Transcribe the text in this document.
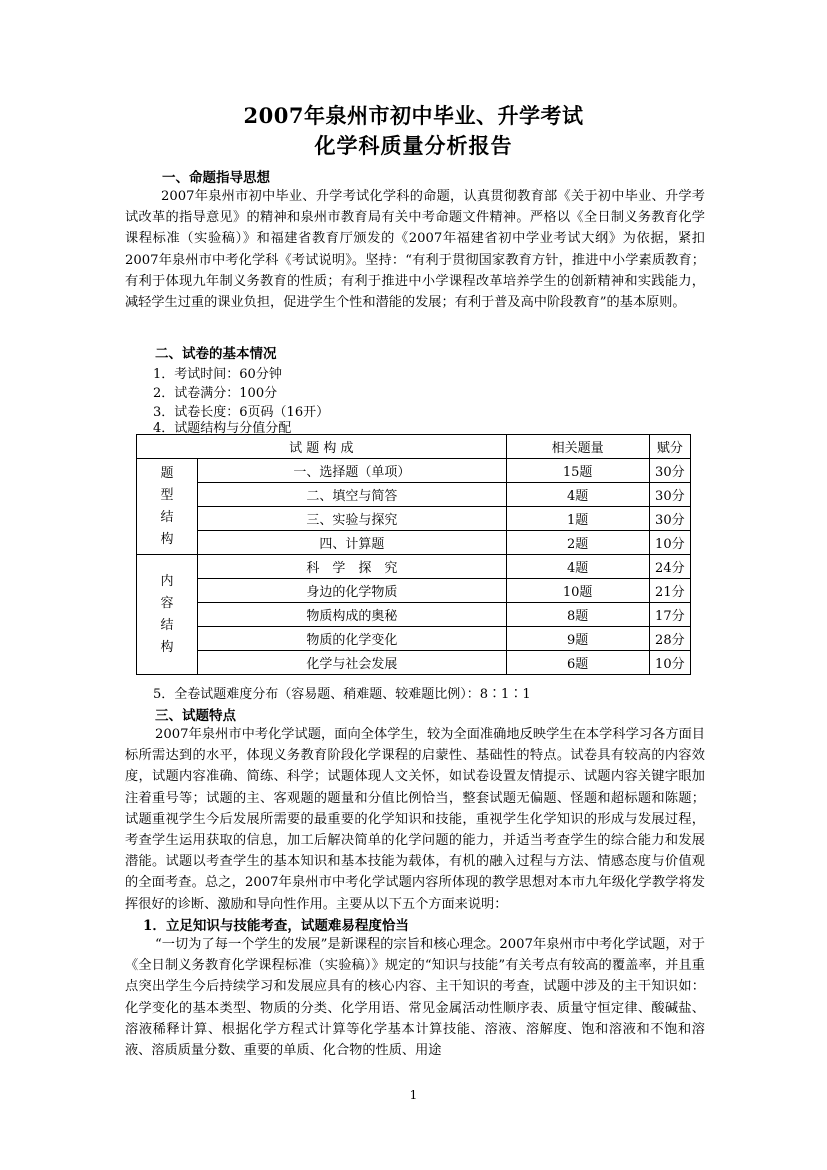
2007年泉州市初中毕业、升学考试
化学科质量分析报告
一、命题指导思想
2007年泉州市初中毕业、升学考试化学科的命题，认真贯彻教育部《关于初中毕业、升学考试改革的指导意见》的精神和泉州市教育局有关中考命题文件精神。严格以《全日制义务教育化学课程标准（实验稿）》和福建省教育厅颁发的《2007年福建省初中学业考试大纲》为依据，紧扣2007年泉州市中考化学科《考试说明》。坚持：“有利于贯彻国家教育方针，推进中小学素质教育；有利于体现九年制义务教育的性质；有利于推进中小学课程改革培养学生的创新精神和实践能力，减轻学生过重的课业负担，促进学生个性和潜能的发展；有利于普及高中阶段教育”的基本原则。
二、试卷的基本情况
1．考试时间：60分钟
2．试卷满分：100分
3．试卷长度：6页码（16开）
4．试题结构与分值分配
试 题 构 成		相关题量	赋分
题
型
结
构	一、选择题（单项）	15题	30分
	二、填空与简答	4题	30分
	三、实验与探究	1题	30分
	四、计算题	2题	10分
内
容
结
构	科　学　探　究	4题	24分
	身边的化学物质	10题	21分
	物质构成的奥秘	8题	17分
	物质的化学变化	9题	28分
	化学与社会发展	6题	10分
5．全卷试题难度分布（容易题、稍难题、较难题比例）：8∶1∶1
三、试题特点
2007年泉州市中考化学试题，面向全体学生，较为全面准确地反映学生在本学科学习各方面目标所需达到的水平，体现义务教育阶段化学课程的启蒙性、基础性的特点。试卷具有较高的内容效度，试题内容准确、简练、科学；试题体现人文关怀，如试卷设置友情提示、试题内容关键字眼加注着重号等；试题的主、客观题的题量和分值比例恰当，整套试题无偏题、怪题和超标题和陈题；试题重视学生今后发展所需要的最重要的化学知识和技能，重视学生化学知识的形成与发展过程，考查学生运用获取的信息，加工后解决简单的化学问题的能力，并适当考查学生的综合能力和发展潜能。试题以考查学生的基本知识和基本技能为载体，有机的融入过程与方法、情感态度与价值观的全面考查。总之，2007年泉州市中考化学试题内容所体现的教学思想对本市九年级化学教学将发挥很好的诊断、激励和导向性作用。主要从以下五个方面来说明：
1．立足知识与技能考查，试题难易程度恰当
“一切为了每一个学生的发展”是新课程的宗旨和核心理念。2007年泉州市中考化学试题，对于《全日制义务教育化学课程标准（实验稿）》规定的“知识与技能”有关考点有较高的覆盖率，并且重点突出学生今后持续学习和发展应具有的核心内容、主干知识的考查，试题中涉及的主干知识如：化学变化的基本类型、物质的分类、化学用语、常见金属活动性顺序表、质量守恒定律、酸碱盐、溶液稀释计算、根据化学方程式计算等化学基本计算技能、溶液、溶解度、饱和溶液和不饱和溶液、溶质质量分数、重要的单质、化合物的性质、用途
1
